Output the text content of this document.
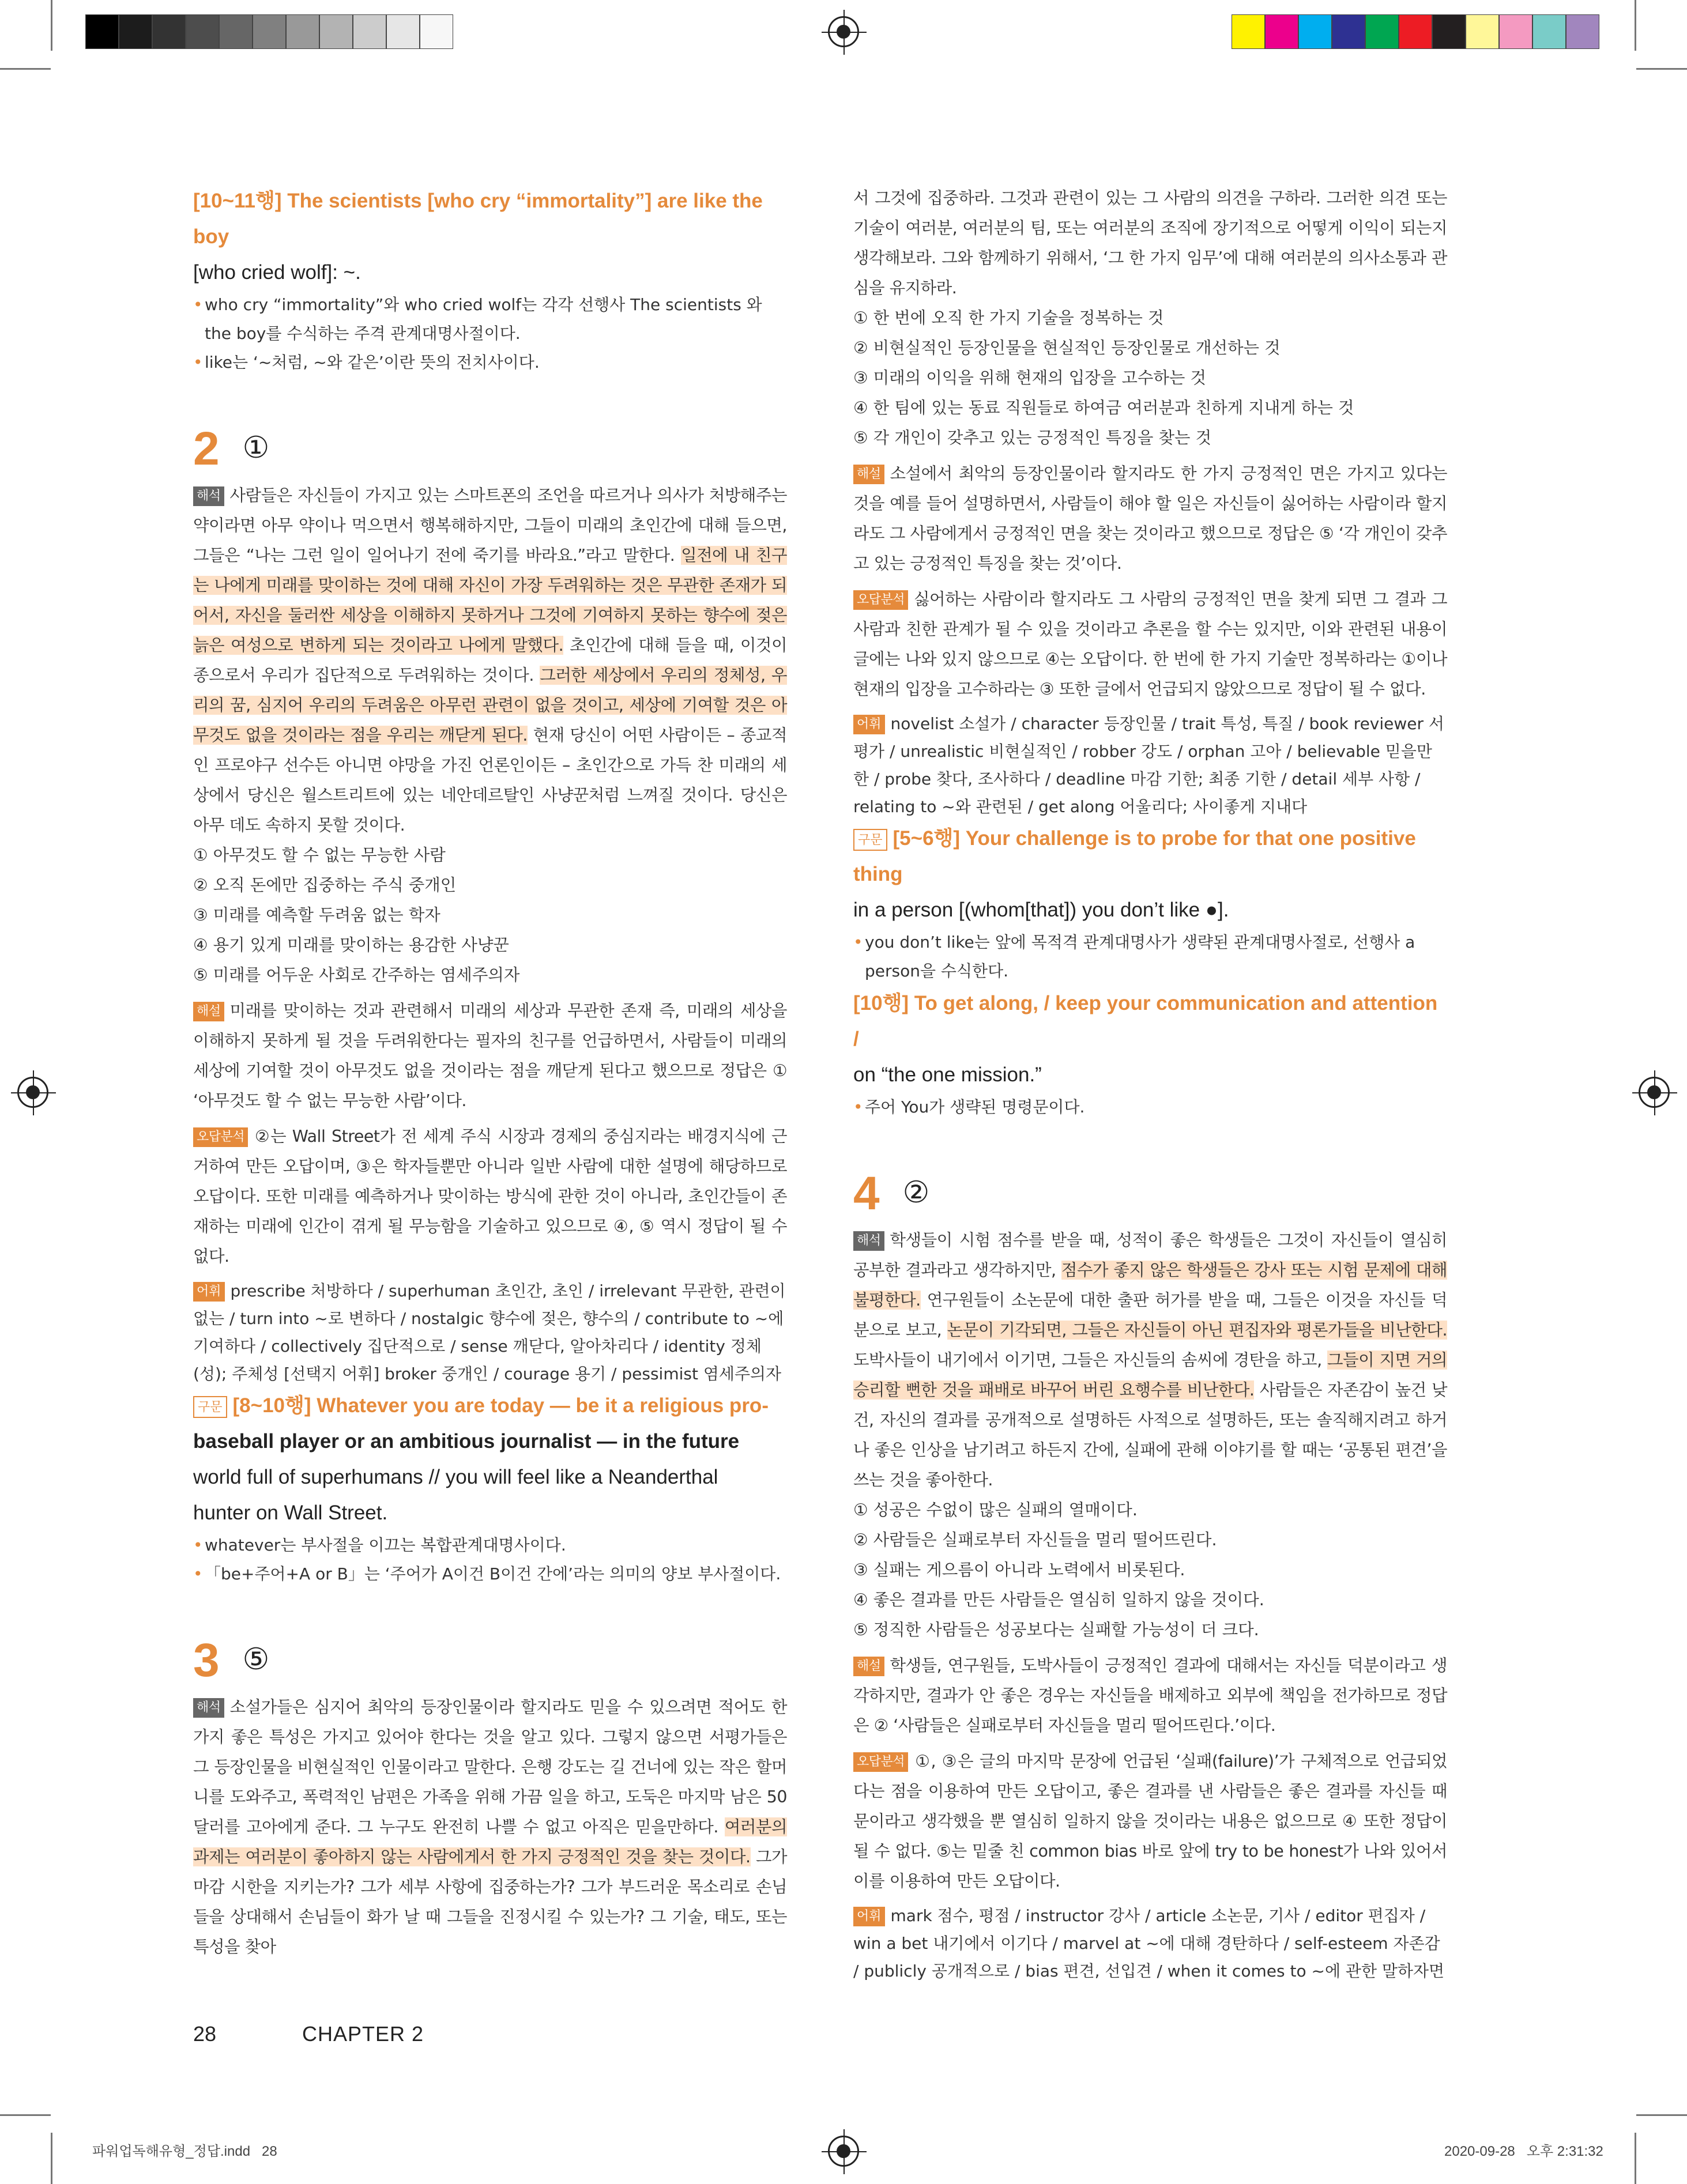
[10~11행] The scientists [who cry “immortality”] are like the boy
[who cried wolf]: ~.
• who cry “immortality”와 who cried wolf는 각각 선행사 The scientists 와 the boy를 수식하는 주격 관계대명사절이다.
• like는 ‘~처럼, ~와 같은’이란 뜻의 전치사이다.
2 ①
해석 사람들은 자신들이 가지고 있는 스마트폰의 조언을 따르거나 의사가 처방해주는 약이라면 아무 약이나 먹으면서 행복해하지만, 그들이 미래의 초인간에 대해 들으면, 그들은 “나는 그런 일이 일어나기 전에 죽기를 바라요.”라고 말한다. 일전에 내 친구는 나에게 미래를 맞이하는 것에 대해 자신이 가장 두려워하는 것은 무관한 존재가 되어서, 자신을 둘러싼 세상을 이해하지 못하거나 그것에 기여하지 못하는 향수에 젖은 늙은 여성으로 변하게 되는 것이라고 나에게 말했다. 초인간에 대해 들을 때, 이것이 종으로서 우리가 집단적으로 두려워하는 것이다. 그러한 세상에서 우리의 정체성, 우리의 꿈, 심지어 우리의 두려움은 아무런 관련이 없을 것이고, 세상에 기여할 것은 아무것도 없을 것이라는 점을 우리는 깨닫게 된다. 현재 당신이 어떤 사람이든 – 종교적인 프로야구 선수든 아니면 야망을 가진 언론인이든 – 초인간으로 가득 찬 미래의 세상에서 당신은 월스트리트에 있는 네안데르탈인 사냥꾼처럼 느껴질 것이다. 당신은 아무 데도 속하지 못할 것이다.
① 아무것도 할 수 없는 무능한 사람
② 오직 돈에만 집중하는 주식 중개인
③ 미래를 예측할 두려움 없는 학자
④ 용기 있게 미래를 맞이하는 용감한 사냥꾼
⑤ 미래를 어두운 사회로 간주하는 염세주의자
해설 미래를 맞이하는 것과 관련해서 미래의 세상과 무관한 존재 즉, 미래의 세상을 이해하지 못하게 될 것을 두려워한다는 필자의 친구를 언급하면서, 사람들이 미래의 세상에 기여할 것이 아무것도 없을 것이라는 점을 깨닫게 된다고 했으므로 정답은 ① ‘아무것도 할 수 없는 무능한 사람’이다.
오답분석 ②는 Wall Street가 전 세계 주식 시장과 경제의 중심지라는 배경지식에 근거하여 만든 오답이며, ③은 학자들뿐만 아니라 일반 사람에 대한 설명에 해당하므로 오답이다. 또한 미래를 예측하거나 맞이하는 방식에 관한 것이 아니라, 초인간들이 존재하는 미래에 인간이 겪게 될 무능함을 기술하고 있으므로 ④, ⑤ 역시 정답이 될 수 없다.
어휘 prescribe 처방하다 / superhuman 초인간, 초인 / irrelevant 무관한, 관련이 없는 / turn into ~로 변하다 / nostalgic 향수에 젖은, 향수의 / contribute to ~에 기여하다 / collectively 집단적으로 / sense 깨닫다, 알아차리다 / identity 정체(성); 주체성 [선택지 어휘] broker 중개인 / courage 용기 / pessimist 염세주의자
구문 [8~10행] Whatever you are today — be it a religious pro-
baseball player or an ambitious journalist — in the future
world full of superhumans // you will feel like a Neanderthal
hunter on Wall Street.
• whatever는 부사절을 이끄는 복합관계대명사이다.
• 「be+주어+A or B」는 ‘주어가 A이건 B이건 간에’라는 의미의 양보 부사절이다.
3 ⑤
해석 소설가들은 심지어 최악의 등장인물이라 할지라도 믿을 수 있으려면 적어도 한 가지 좋은 특성은 가지고 있어야 한다는 것을 알고 있다. 그렇지 않으면 서평가들은 그 등장인물을 비현실적인 인물이라고 말한다. 은행 강도는 길 건너에 있는 작은 할머니를 도와주고, 폭력적인 남편은 가족을 위해 가끔 일을 하고, 도둑은 마지막 남은 50달러를 고아에게 준다. 그 누구도 완전히 나쁠 수 없고 아직은 믿을만하다. 여러분의 과제는 여러분이 좋아하지 않는 사람에게서 한 가지 긍정적인 것을 찾는 것이다. 그가 마감 시한을 지키는가? 그가 세부 사항에 집중하는가? 그가 부드러운 목소리로 손님들을 상대해서 손님들이 화가 날 때 그들을 진정시킬 수 있는가? 그 기술, 태도, 또는 특성을 찾아
서 그것에 집중하라. 그것과 관련이 있는 그 사람의 의견을 구하라. 그러한 의견 또는 기술이 여러분, 여러분의 팀, 또는 여러분의 조직에 장기적으로 어떻게 이익이 되는지 생각해보라. 그와 함께하기 위해서, ‘그 한 가지 임무’에 대해 여러분의 의사소통과 관심을 유지하라.
① 한 번에 오직 한 가지 기술을 정복하는 것
② 비현실적인 등장인물을 현실적인 등장인물로 개선하는 것
③ 미래의 이익을 위해 현재의 입장을 고수하는 것
④ 한 팀에 있는 동료 직원들로 하여금 여러분과 친하게 지내게 하는 것
⑤ 각 개인이 갖추고 있는 긍정적인 특징을 찾는 것
해설 소설에서 최악의 등장인물이라 할지라도 한 가지 긍정적인 면은 가지고 있다는 것을 예를 들어 설명하면서, 사람들이 해야 할 일은 자신들이 싫어하는 사람이라 할지라도 그 사람에게서 긍정적인 면을 찾는 것이라고 했으므로 정답은 ⑤ ‘각 개인이 갖추고 있는 긍정적인 특징을 찾는 것’이다.
오답분석 싫어하는 사람이라 할지라도 그 사람의 긍정적인 면을 찾게 되면 그 결과 그 사람과 친한 관계가 될 수 있을 것이라고 추론을 할 수는 있지만, 이와 관련된 내용이 글에는 나와 있지 않으므로 ④는 오답이다. 한 번에 한 가지 기술만 정복하라는 ①이나 현재의 입장을 고수하라는 ③ 또한 글에서 언급되지 않았으므로 정답이 될 수 없다.
어휘 novelist 소설가 / character 등장인물 / trait 특성, 특질 / book reviewer 서평가 / unrealistic 비현실적인 / robber 강도 / orphan 고아 / believable 믿을만한 / probe 찾다, 조사하다 / deadline 마감 기한; 최종 기한 / detail 세부 사항 / relating to ~와 관련된 / get along 어울리다; 사이좋게 지내다
구문 [5~6행] Your challenge is to probe for that one positive thing
in a person [(whom[that]) you don’t like ●].
• you don’t like는 앞에 목적격 관계대명사가 생략된 관계대명사절로, 선행사 a person을 수식한다.
[10행] To get along, / keep your communication and attention /
on “the one mission.”
• 주어 You가 생략된 명령문이다.
4 ②
해석 학생들이 시험 점수를 받을 때, 성적이 좋은 학생들은 그것이 자신들이 열심히 공부한 결과라고 생각하지만, 점수가 좋지 않은 학생들은 강사 또는 시험 문제에 대해 불평한다. 연구원들이 소논문에 대한 출판 허가를 받을 때, 그들은 이것을 자신들 덕분으로 보고, 논문이 기각되면, 그들은 자신들이 아닌 편집자와 평론가들을 비난한다. 도박사들이 내기에서 이기면, 그들은 자신들의 솜씨에 경탄을 하고, 그들이 지면 거의 승리할 뻔한 것을 패배로 바꾸어 버린 요행수를 비난한다. 사람들은 자존감이 높건 낮건, 자신의 결과를 공개적으로 설명하든 사적으로 설명하든, 또는 솔직해지려고 하거나 좋은 인상을 남기려고 하든지 간에, 실패에 관해 이야기를 할 때는 ‘공통된 편견’을 쓰는 것을 좋아한다.
① 성공은 수없이 많은 실패의 열매이다.
② 사람들은 실패로부터 자신들을 멀리 떨어뜨린다.
③ 실패는 게으름이 아니라 노력에서 비롯된다.
④ 좋은 결과를 만든 사람들은 열심히 일하지 않을 것이다.
⑤ 정직한 사람들은 성공보다는 실패할 가능성이 더 크다.
해설 학생들, 연구원들, 도박사들이 긍정적인 결과에 대해서는 자신들 덕분이라고 생각하지만, 결과가 안 좋은 경우는 자신들을 배제하고 외부에 책임을 전가하므로 정답은 ② ‘사람들은 실패로부터 자신들을 멀리 떨어뜨린다.’이다.
오답분석 ①, ③은 글의 마지막 문장에 언급된 ‘실패(failure)’가 구체적으로 언급되었다는 점을 이용하여 만든 오답이고, 좋은 결과를 낸 사람들은 좋은 결과를 자신들 때문이라고 생각했을 뿐 열심히 일하지 않을 것이라는 내용은 없으므로 ④ 또한 정답이 될 수 없다. ⑤는 밑줄 친 common bias 바로 앞에 try to be honest가 나와 있어서 이를 이용하여 만든 오답이다.
어휘 mark 점수, 평점 / instructor 강사 / article 소논문, 기사 / editor 편집자 / win a bet 내기에서 이기다 / marvel at ~에 대해 경탄하다 / self-esteem 자존감 / publicly 공개적으로 / bias 편견, 선입견 / when it comes to ~에 관한 말하자면
28	CHAPTER 2
파워업독해유형_정답.indd   28	2020-09-28   오후 2:31:32
